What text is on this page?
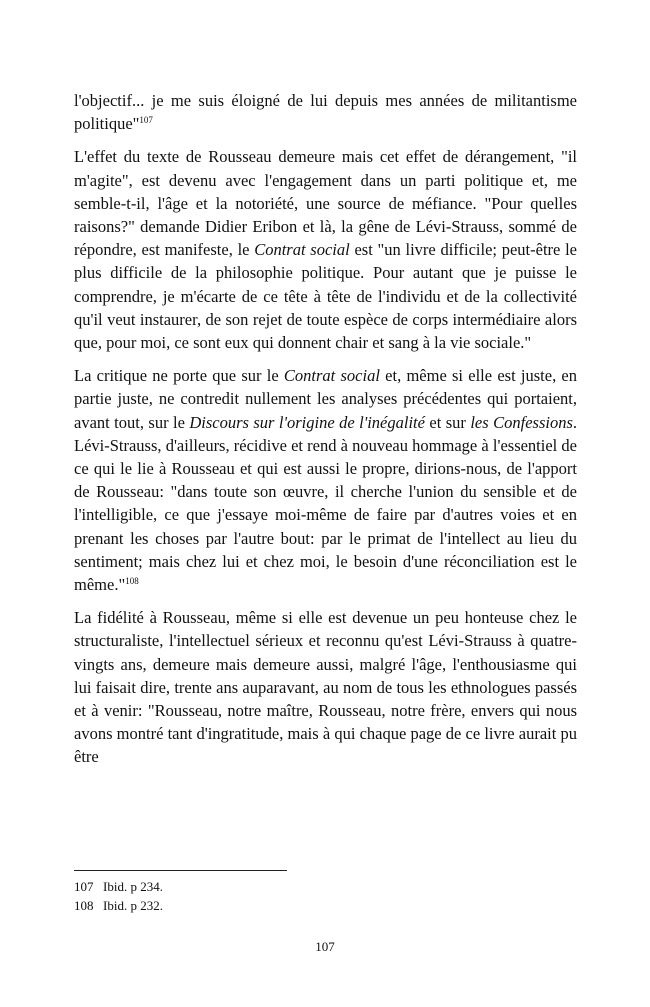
l'objectif... je me suis éloigné de lui depuis mes années de militantisme politique"$^{107}$

L'effet du texte de Rousseau demeure mais cet effet de dérangement, "il m'agite", est devenu avec l'engagement dans un parti politique et, me semble-t-il, l'âge et la notoriété, une source de méfiance. "Pour quelles raisons?" demande Didier Eribon et là, la gêne de Lévi-Strauss, sommé de répondre, est manifeste, le Contrat social est "un livre difficile; peut-être le plus difficile de la philosophie politique. Pour autant que je puisse le comprendre, je m'écarte de ce tête à tête de l'individu et de la collectivité qu'il veut instaurer, de son rejet de toute espèce de corps intermédiaire alors que, pour moi, ce sont eux qui donnent chair et sang à la vie sociale."

La critique ne porte que sur le Contrat social et, même si elle est juste, en partie juste, ne contredit nullement les analyses précédentes qui portaient, avant tout, sur le Discours sur l'origine de l'inégalité et sur les Confessions. Lévi-Strauss, d'ailleurs, récidive et rend à nouveau hommage à l'essentiel de ce qui le lie à Rousseau et qui est aussi le propre, dirions-nous, de l'apport de Rousseau: "dans toute son œuvre, il cherche l'union du sensible et de l'intelligible, ce que j'essaye moi-même de faire par d'autres voies et en prenant les choses par l'autre bout: par le primat de l'intellect au lieu du sentiment; mais chez lui et chez moi, le besoin d'une réconciliation est le même."$^{108}$

La fidélité à Rousseau, même si elle est devenue un peu honteuse chez le structuraliste, l'intellectuel sérieux et reconnu qu'est Lévi-Strauss à quatre-vingts ans, demeure mais demeure aussi, malgré l'âge, l'enthousiasme qui lui faisait dire, trente ans auparavant, au nom de tous les ethnologues passés et à venir: "Rousseau, notre maître, Rousseau, notre frère, envers qui nous avons montré tant d'ingratitude, mais à qui chaque page de ce livre aurait pu être

107 Ibid. p 234.
108 Ibid. p 232.
107
